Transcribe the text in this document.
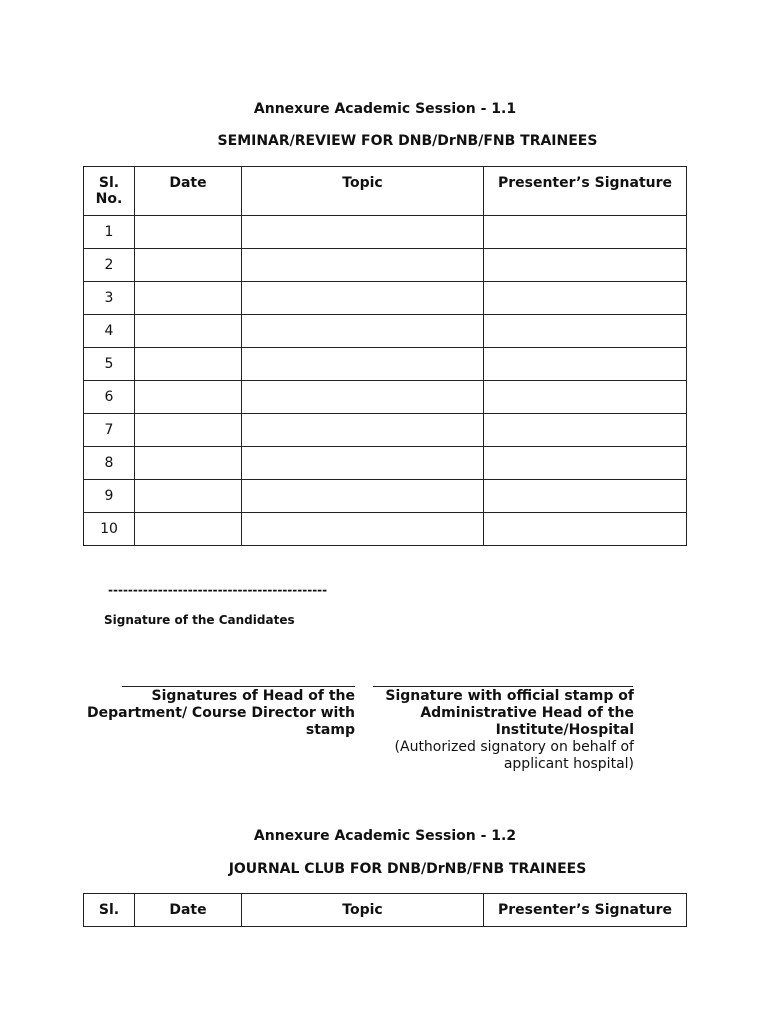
Annexure Academic Session - 1.1
SEMINAR/REVIEW FOR DNB/DrNB/FNB TRAINEES
Sl.
No.	Date	Topic	Presenter’s Signature
1			
2			
3			
4			
5			
6			
7			
8			
9			
10			
--------------------------------------------
Signature of the Candidates
Signatures of Head of the
Department/ Course Director with
stamp
Signature with official stamp of
Administrative Head of the
Institute/Hospital
(Authorized signatory on behalf of
applicant hospital)
Annexure Academic Session - 1.2
JOURNAL CLUB FOR DNB/DrNB/FNB TRAINEES
Sl.	Date	Topic	Presenter’s Signature
